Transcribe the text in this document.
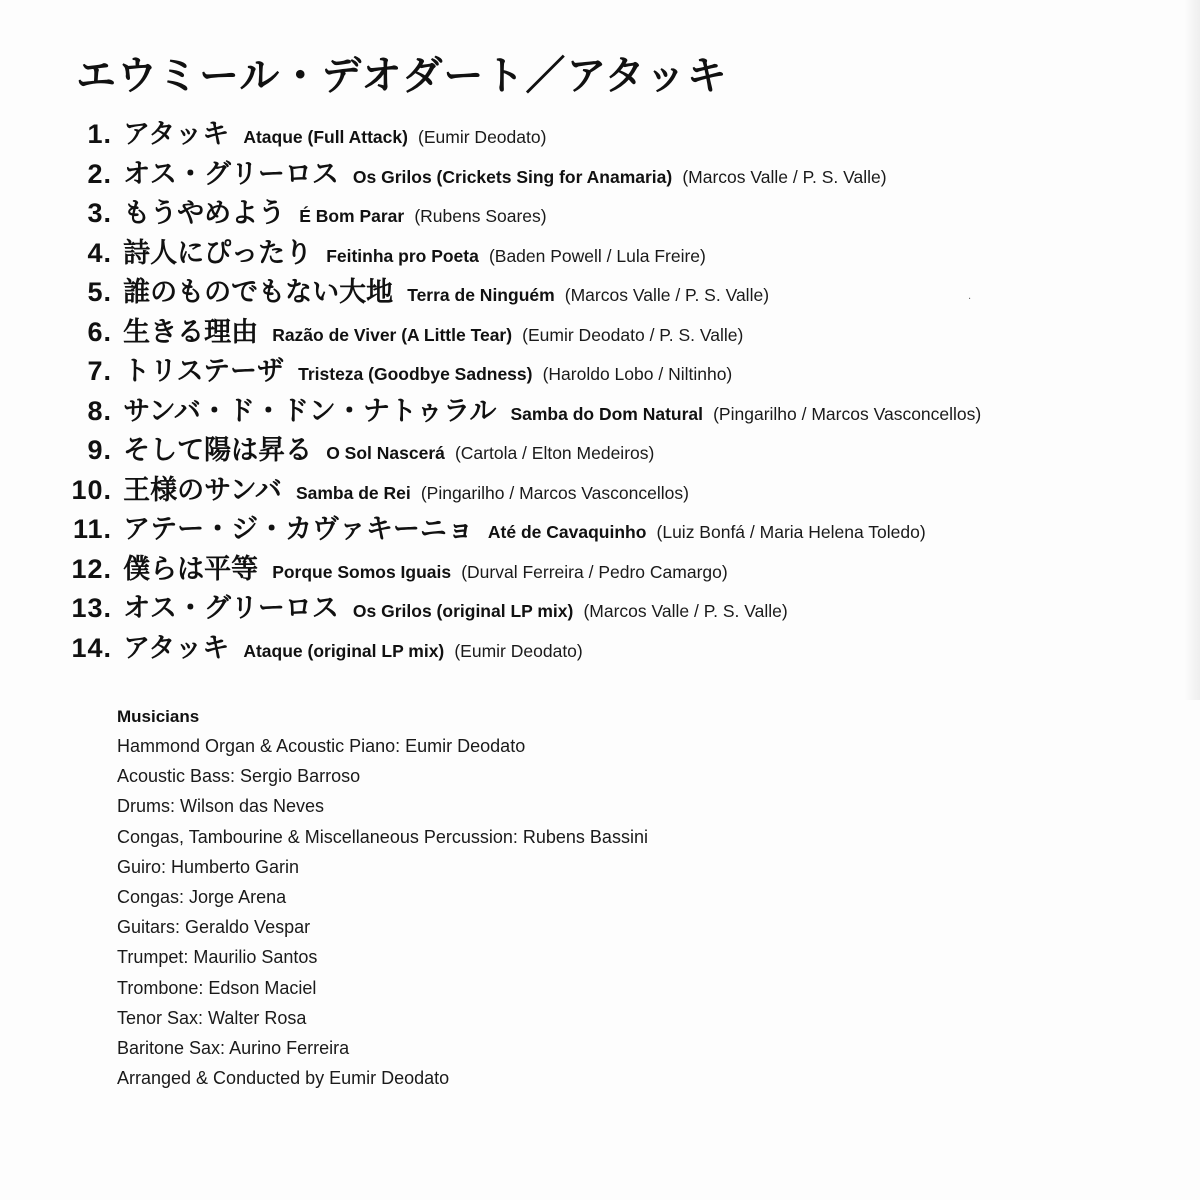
エウミール・デオダート／アタッキ
1. アタッキ Ataque (Full Attack) (Eumir Deodato)
2. オス・グリーロス Os Grilos (Crickets Sing for Anamaria) (Marcos Valle / P. S. Valle)
3. もうやめよう É Bom Parar (Rubens Soares)
4. 詩人にぴったり Feitinha pro Poeta (Baden Powell / Lula Freire)
5. 誰のものでもない大地 Terra de Ninguém (Marcos Valle / P. S. Valle)
6. 生きる理由 Razão de Viver (A Little Tear) (Eumir Deodato / P. S. Valle)
7. トリステーザ Tristeza (Goodbye Sadness) (Haroldo Lobo / Niltinho)
8. サンバ・ド・ドン・ナトゥラル Samba do Dom Natural (Pingarilho / Marcos Vasconcellos)
9. そして陽は昇る O Sol Nascerá (Cartola / Elton Medeiros)
10. 王様のサンバ Samba de Rei (Pingarilho / Marcos Vasconcellos)
11. アテー・ジ・カヴァキーニョ Até de Cavaquinho (Luiz Bonfá / Maria Helena Toledo)
12. 僕らは平等 Porque Somos Iguais (Durval Ferreira / Pedro Camargo)
13. オス・グリーロス Os Grilos (original LP mix) (Marcos Valle / P. S. Valle)
14. アタッキ Ataque (original LP mix) (Eumir Deodato)
·

Musicians

Hammond Organ & Acoustic Piano: Eumir Deodato
Acoustic Bass: Sergio Barroso
Drums: Wilson das Neves
Congas, Tambourine & Miscellaneous Percussion: Rubens Bassini
Guiro: Humberto Garin
Congas: Jorge Arena
Guitars: Geraldo Vespar
Trumpet: Maurilio Santos
Trombone: Edson Maciel
Tenor Sax: Walter Rosa
Baritone Sax: Aurino Ferreira
Arranged & Conducted by Eumir Deodato
